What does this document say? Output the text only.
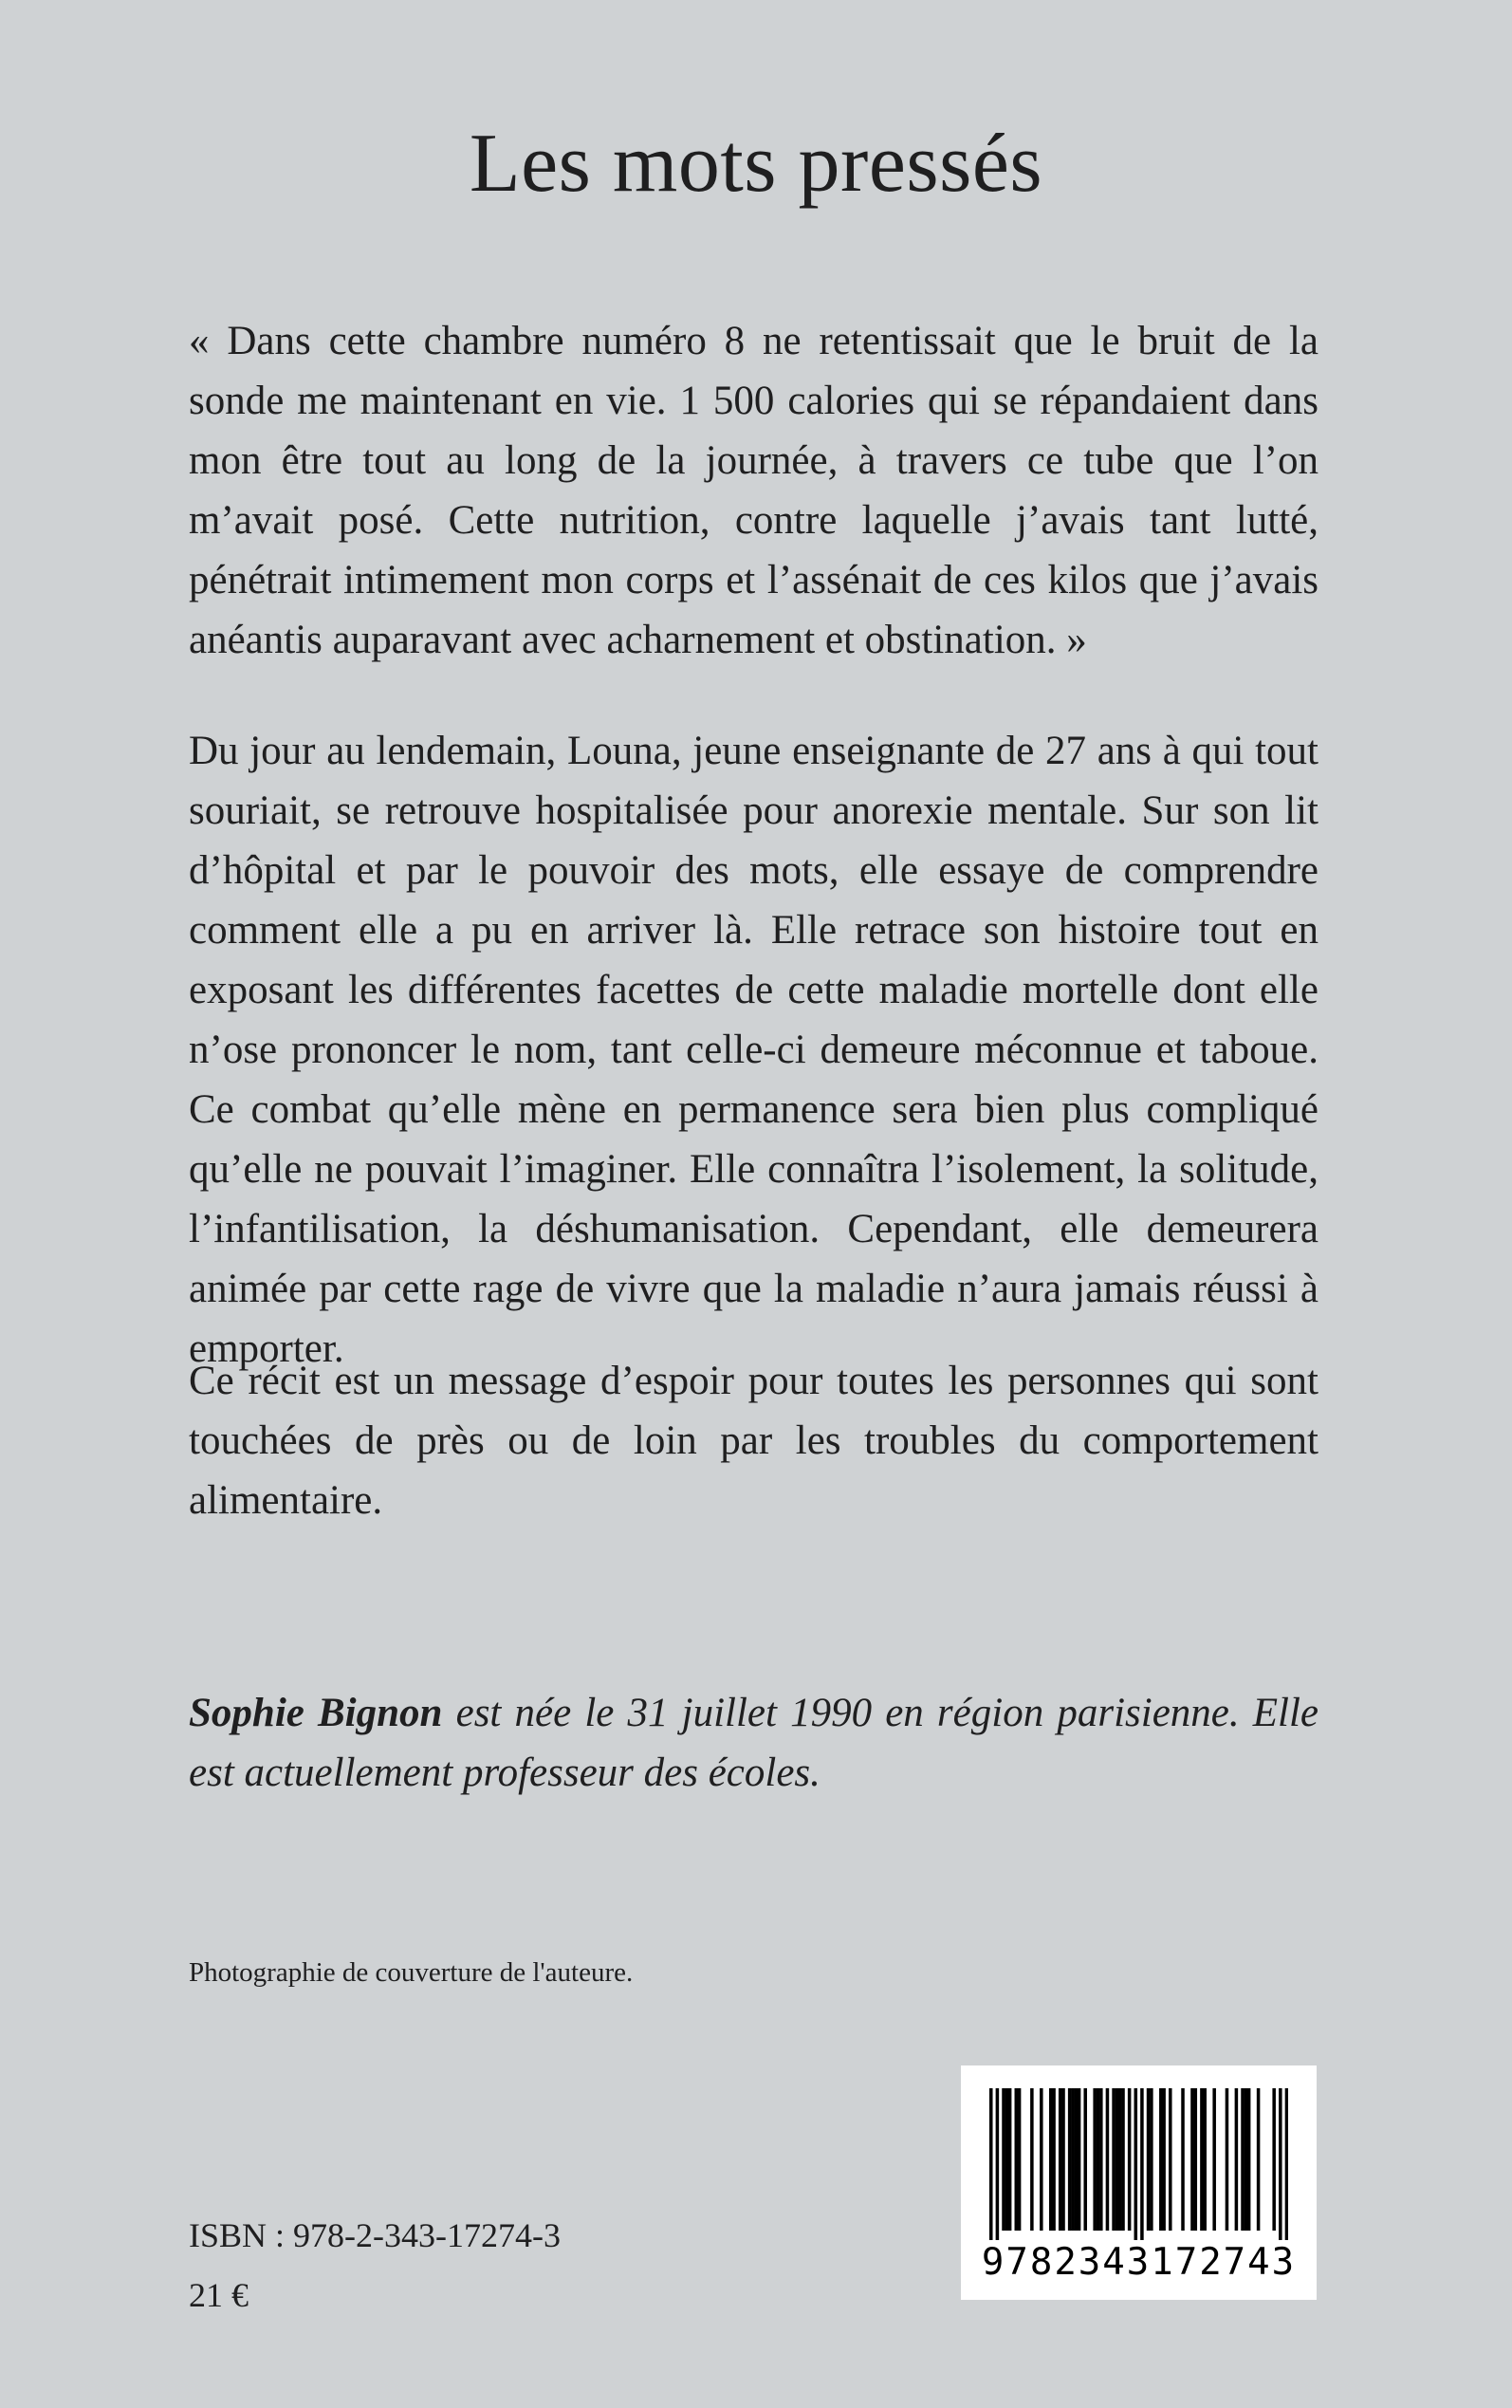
Les mots pressés

« Dans cette chambre numéro 8 ne retentissait que le bruit de la sonde me maintenant en vie. 1 500 calories qui se répandaient dans mon être tout au long de la journée, à travers ce tube que l’on m’avait posé. Cette nutrition, contre laquelle j’avais tant lutté, pénétrait intimement mon corps et l’assénait de ces kilos que j’avais anéantis auparavant avec acharnement et obstination. »

Du jour au lendemain, Louna, jeune enseignante de 27 ans à qui tout souriait, se retrouve hospitalisée pour anorexie mentale. Sur son lit d’hôpital et par le pouvoir des mots, elle essaye de comprendre comment elle a pu en arriver là. Elle retrace son histoire tout en exposant les différentes facettes de cette maladie mortelle dont elle n’ose prononcer le nom, tant celle-ci demeure méconnue et taboue. Ce combat qu’elle mène en permanence sera bien plus compliqué qu’elle ne pouvait l’imaginer. Elle connaîtra l’isolement, la solitude, l’infantilisation, la déshumanisation. Cependant, elle demeurera animée par cette rage de vivre que la maladie n’aura jamais réussi à emporter.

Ce récit est un message d’espoir pour toutes les personnes qui sont touchées de près ou de loin par les troubles du comportement alimentaire.

Sophie Bignon est née le 31 juillet 1990 en région parisienne. Elle est actuellement professeur des écoles.

Photographie de couverture de l'auteure.

ISBN : 978-2-343-17274-3

21 €

9782343172743
